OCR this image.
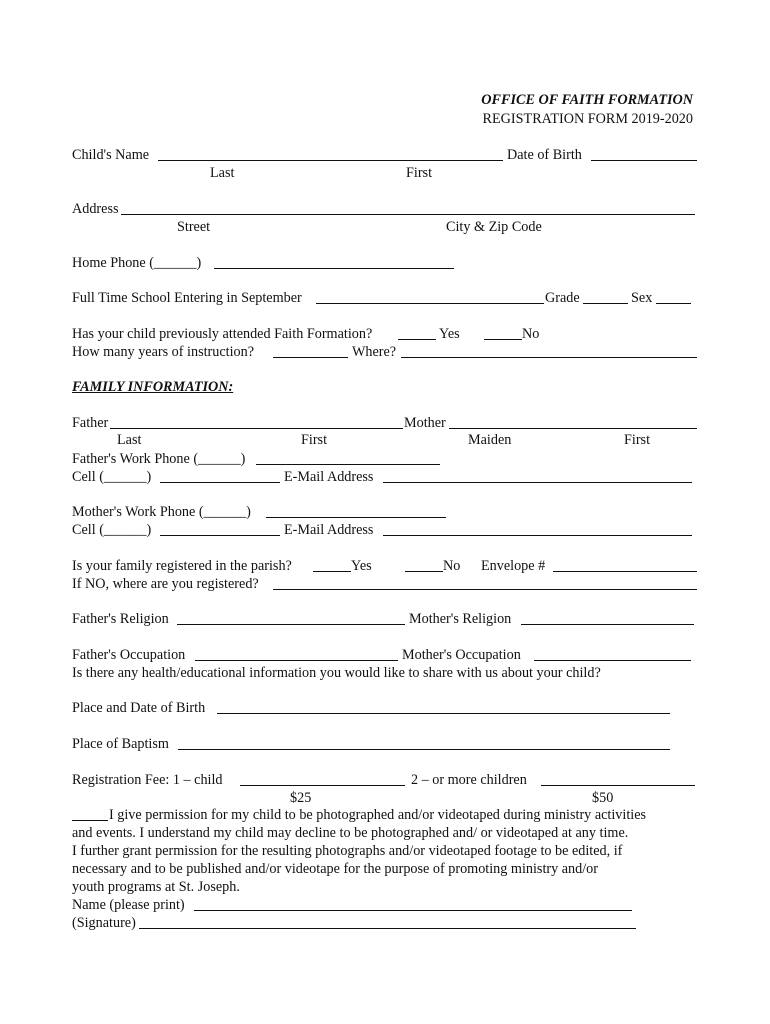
OFFICE OF FAITH FORMATION
REGISTRATION FORM 2019-2020
Child's Name	Date of Birth
Last	First
Address
Street	City & Zip Code
Home Phone (______)
Full Time School Entering in September	Grade	Sex
Has your child previously attended Faith Formation?	Yes	No
How many years of instruction?	Where?
FAMILY INFORMATION:
Father	Mother
Last	First	Maiden	First
Father's Work Phone (______)
Cell (______)	E-Mail Address
Mother's Work Phone (______)
Cell (______)	E-Mail Address
Is your family registered in the parish?	Yes	No Envelope #
If NO, where are you registered?
Father's Religion	Mother's Religion
Father's Occupation	Mother's Occupation
Is there any health/educational information you would like to share with us about your child?
Place and Date of Birth
Place of Baptism
Registration Fee: 1 – child	2 – or more children
$25	$50
I give permission for my child to be photographed and/or videotaped during ministry activities
and events. I understand my child may decline to be photographed and/ or videotaped at any time.
I further grant permission for the resulting photographs and/or videotaped footage to be edited, if
necessary and to be published and/or videotape for the purpose of promoting ministry and/or
youth programs at St. Joseph.
Name (please print)
(Signature)
